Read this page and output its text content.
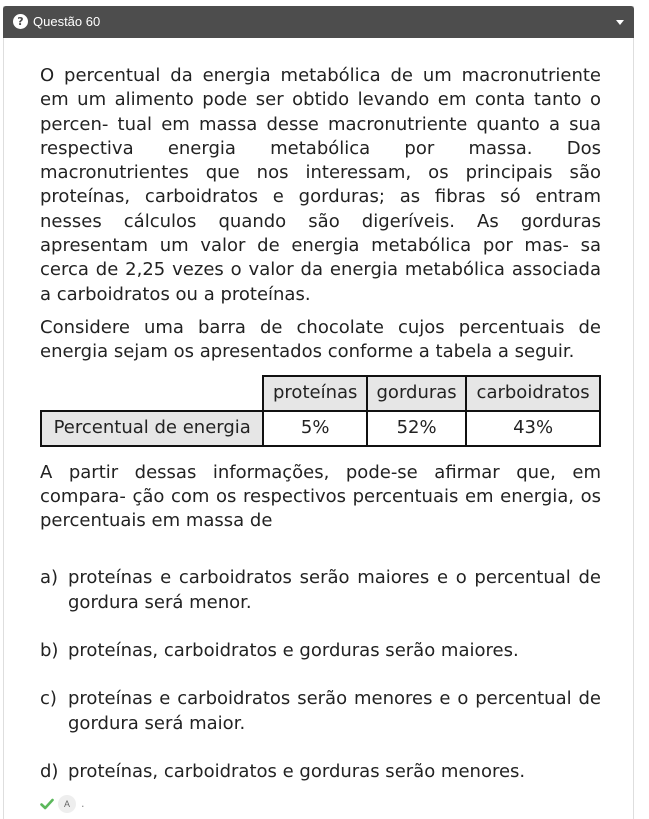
? Questão 60

O percentual da energia metabólica de um macronutriente em um alimento pode ser obtido levando em conta tanto o percen- tual em massa desse macronutriente quanto a sua respectiva energia metabólica por massa. Dos macronutrientes que nos interessam, os principais são proteínas, carboidratos e gorduras; as fibras só entram nesses cálculos quando são digeríveis. As gorduras apresentam um valor de energia metabólica por mas- sa cerca de 2,25 vezes o valor da energia metabólica associada a carboidratos ou a proteínas.

Considere uma barra de chocolate cujos percentuais de energia sejam os apresentados conforme a tabela a seguir.

	proteínas	gorduras	carboidratos
Percentual de energia	5%	52%	43%

A partir dessas informações, pode-se afirmar que, em compara- ção com os respectivos percentuais em energia, os percentuais em massa de

a) proteínas e carboidratos serão maiores e o percentual de gordura será menor.

b) proteínas, carboidratos e gorduras serão maiores.

c) proteínas e carboidratos serão menores e o percentual de gordura será maior.

d) proteínas, carboidratos e gorduras serão menores.

A	.
